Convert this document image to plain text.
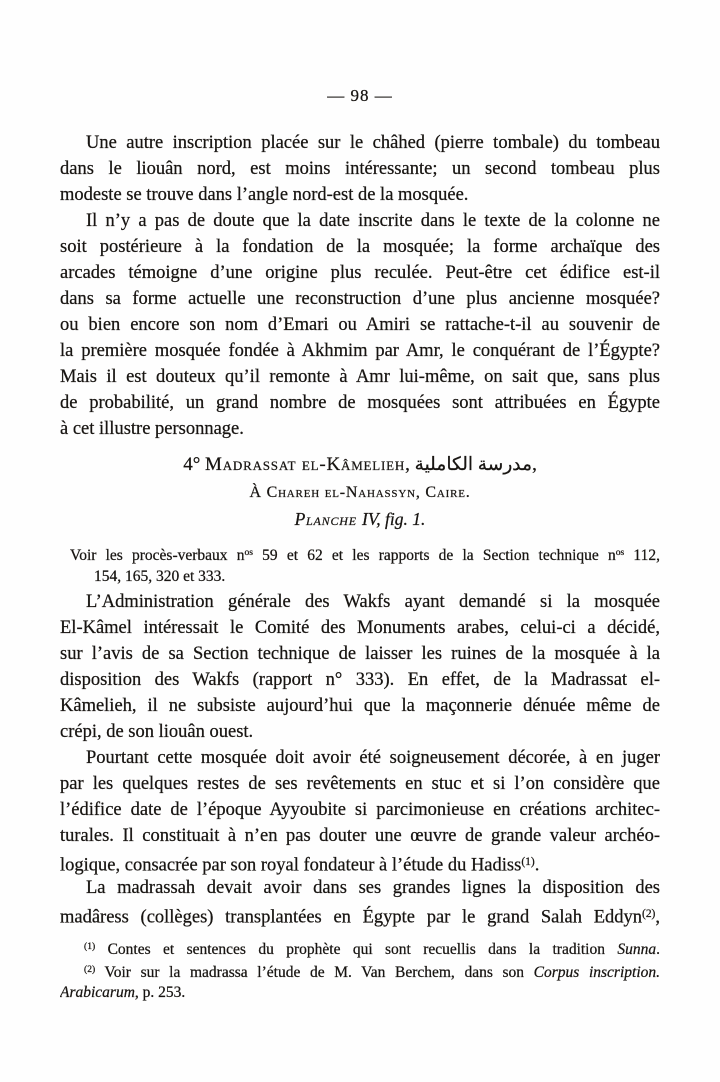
— 98 —
Une autre inscription placée sur le châhed (pierre tombale) du tombeau
dans le liouân nord, est moins intéressante; un second tombeau plus
modeste se trouve dans l’angle nord-est de la mosquée.
Il n’y a pas de doute que la date inscrite dans le texte de la colonne ne
soit postérieure à la fondation de la mosquée; la forme archaïque des
arcades témoigne d’une origine plus reculée. Peut-être cet édifice est-il
dans sa forme actuelle une reconstruction d’une plus ancienne mosquée?
ou bien encore son nom d’Emari ou Amiri se rattache-t-il au souvenir de
la première mosquée fondée à Akhmim par Amr, le conquérant de l’Égypte?
Mais il est douteux qu’il remonte à Amr lui-même, on sait que, sans plus
de probabilité, un grand nombre de mosquées sont attribuées en Égypte
à cet illustre personnage.
4° Madrassat el-Kâmelieh, مدرسة الكاملية,
À Chareh el-Nahassyn, Caire.
Planche IV, fig. 1.
Voir les procès-verbaux $n^{os}$ 59 et 62 et les rapports de la Section technique $n^{os}$ 112,
154, 165, 320 et 333.
L’Administration générale des Wakfs ayant demandé si la mosquée
El-Kâmel intéressait le Comité des Monuments arabes, celui-ci a décidé,
sur l’avis de sa Section technique de laisser les ruines de la mosquée à la
disposition des Wakfs (rapport n° 333). En effet, de la Madrassat el-
Kâmelieh, il ne subsiste aujourd’hui que la maçonnerie dénuée même de
crépi, de son liouân ouest.
Pourtant cette mosquée doit avoir été soigneusement décorée, à en juger
par les quelques restes de ses revêtements en stuc et si l’on considère que
l’édifice date de l’époque Ayyoubite si parcimonieuse en créations architec-
turales. Il constituait à n’en pas douter une œuvre de grande valeur archéo-
logique, consacrée par son royal fondateur à l’étude du Hadiss$^{(1)}$.
La madrassah devait avoir dans ses grandes lignes la disposition des
madâress (collèges) transplantées en Égypte par le grand Salah Eddyn$^{(2)}$,
$^{(1)}$ Contes et sentences du prophète qui sont recuellis dans la tradition Sunna.
$^{(2)}$ Voir sur la madrassa l’étude de M. Van Berchem, dans son Corpus inscription.
Arabicarum, p. 253.
